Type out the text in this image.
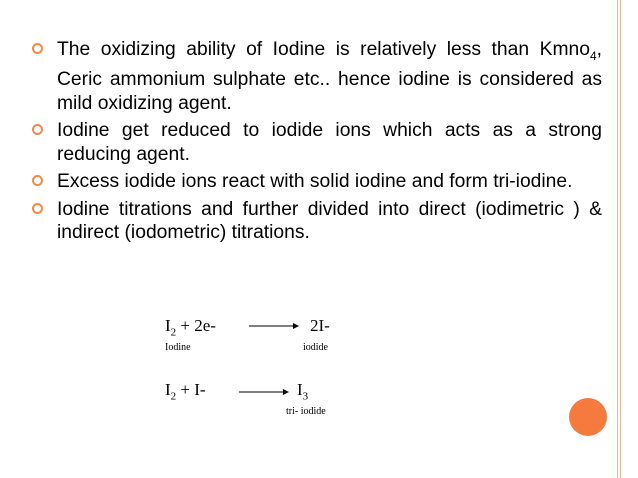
The oxidizing ability of Iodine is relatively less than Kmno$_4$, Ceric ammonium sulphate etc.. hence iodine is considered as mild oxidizing agent.
Iodine get reduced to iodide ions which acts as a strong reducing agent.
Excess iodide ions react with solid iodine and form tri-iodine.
Iodine titrations and further divided into direct (iodimetric ) & indirect (iodometric) titrations.
$I_2 + 2e- \to 2I-$
Iodine	iodide
$I_2 + I- \to I_3$
tri- iodide
